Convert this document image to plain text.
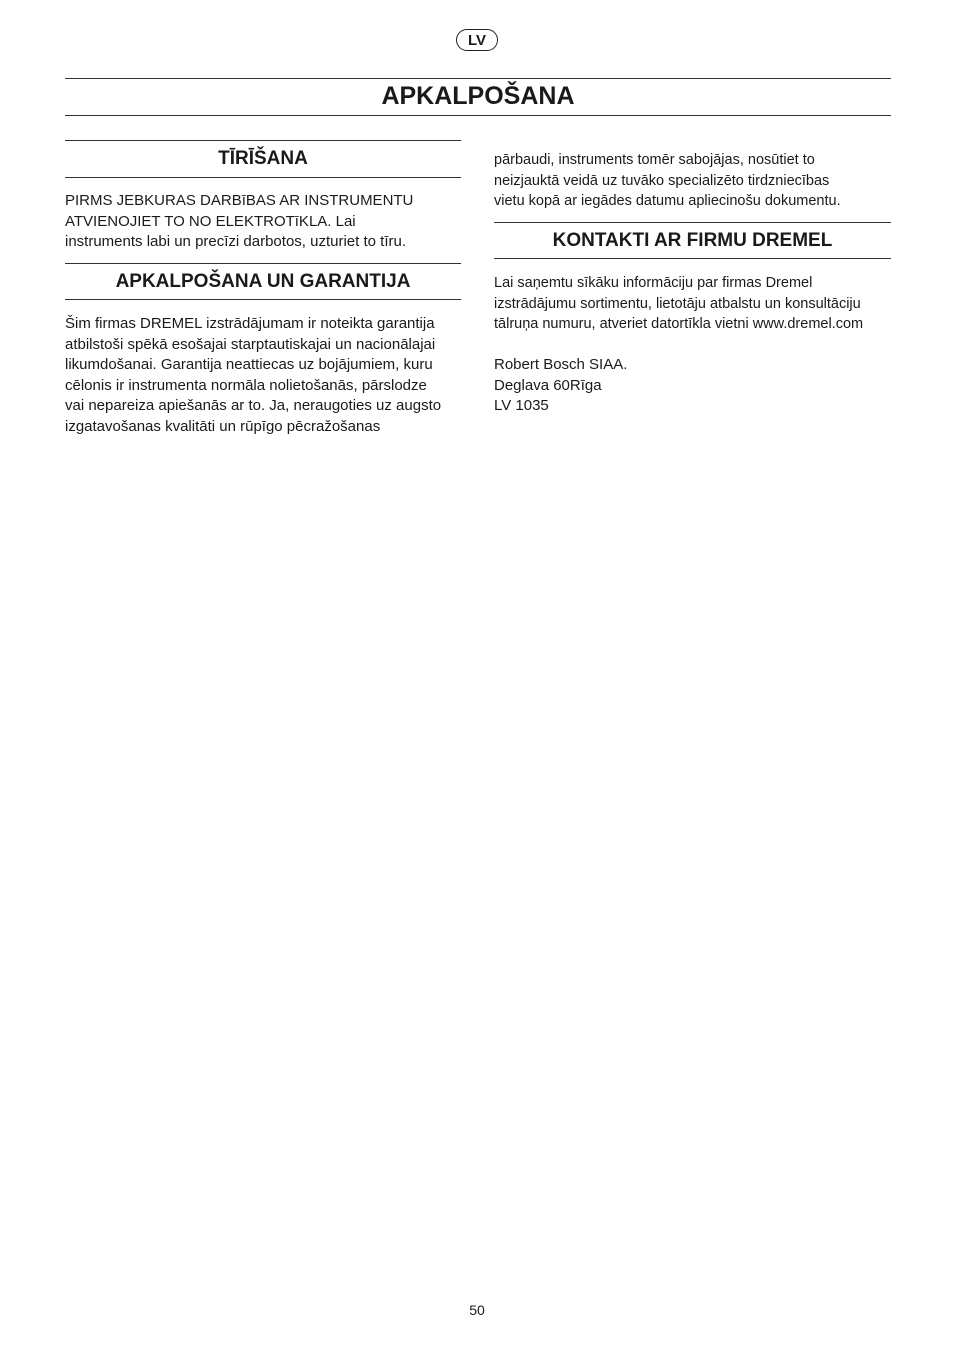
LV
APKALPOŠANA
TĪRĪŠANA
PIRMS JEBKURAS DARBīBAS AR INSTRUMENTU
ATVIENOJIET TO NO ELEKTROTīKLA. Lai
instruments labi un precīzi darbotos, uzturiet to tīru.
APKALPOŠANA UN GARANTIJA
Šim firmas DREMEL izstrādājumam ir noteikta garantija
atbilstoši spēkā esošajai starptautiskajai un nacionālajai
likumdošanai. Garantija neattiecas uz bojājumiem, kuru
cēlonis ir instrumenta normāla nolietošanās, pārslodze
vai nepareiza apiešanās ar to. Ja, neraugoties uz augsto
izgatavošanas kvalitāti un rūpīgo pēcražošanas
pārbaudi, instruments tomēr sabojājas, nosūtiet to
neizjauktā veidā uz tuvāko specializēto tirdzniecības
vietu kopā ar iegādes datumu apliecinošu dokumentu.
KONTAKTI AR FIRMU DREMEL
Lai saņemtu sīkāku informāciju par firmas Dremel
izstrādājumu sortimentu, lietotāju atbalstu un konsultāciju
tālruņa numuru, atveriet datortīkla vietni www.dremel.com
Robert Bosch SIAA.
Deglava 60Rīga
LV 1035
50
